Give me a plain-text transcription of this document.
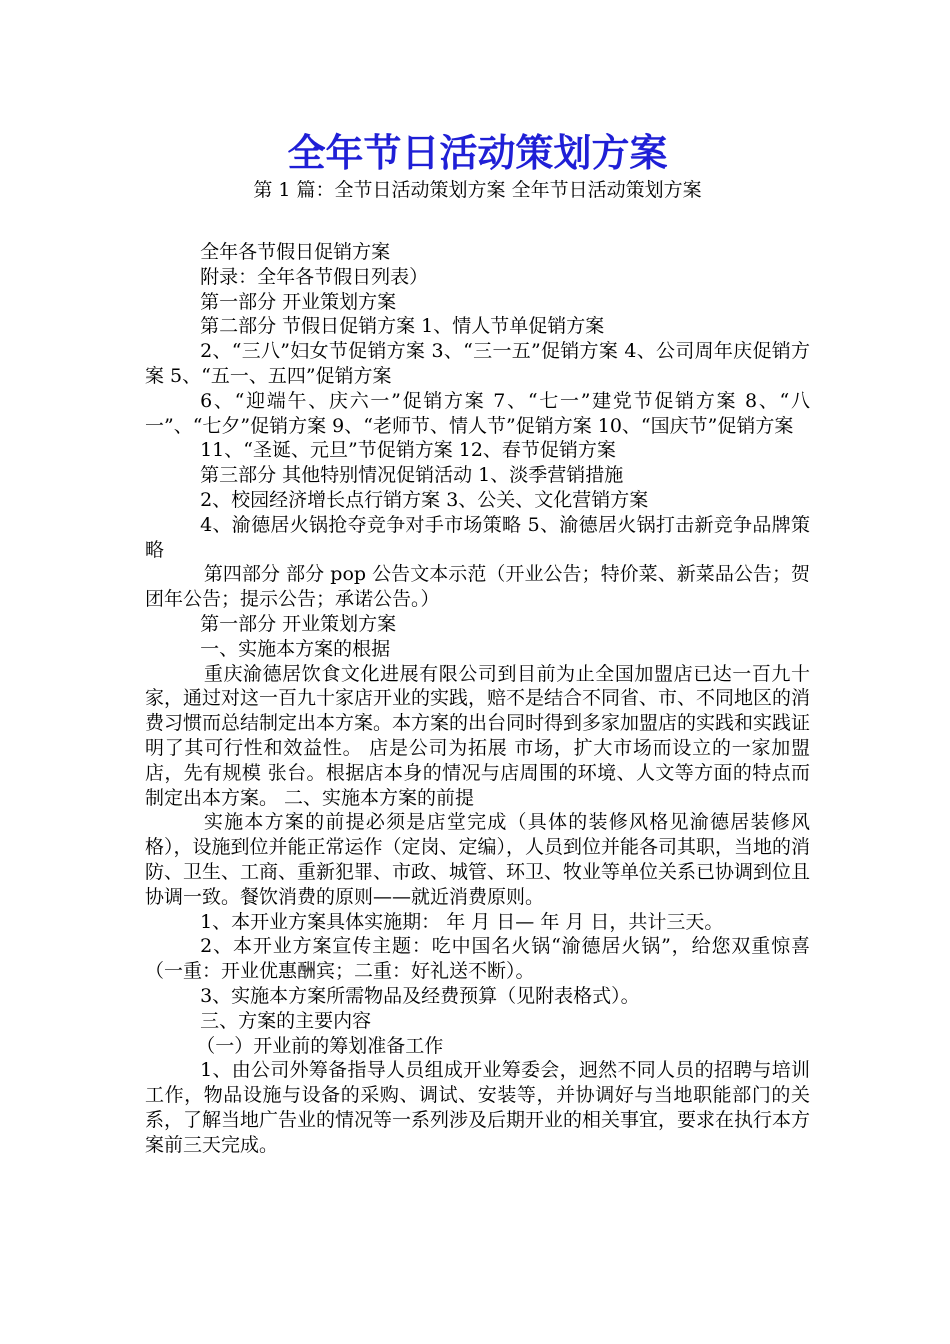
全年节日活动策划方案
第 1 篇：全节日活动策划方案 全年节日活动策划方案

全年各节假日促销方案

附录：全年各节假日列表）

第一部分 开业策划方案

第二部分 节假日促销方案 1、情人节单促销方案

2、“三八”妇女节促销方案 3、“三一五”促销方案 4、公司周年庆促销方案 5、“五一、五四”促销方案

6、“迎端午、庆六一”促销方案 7、“七一”建党节促销方案 8、“八一”、“七夕”促销方案 9、“老师节、情人节”促销方案 10、“国庆节”促销方案

11、“圣诞、元旦”节促销方案 12、春节促销方案

第三部分 其他特别情况促销活动 1、淡季营销措施

2、校园经济增长点行销方案 3、公关、文化营销方案

4、渝德居火锅抢夺竞争对手市场策略 5、渝德居火锅打击新竞争品牌策略

第四部分 部分 pop 公告文本示范（开业公告；特价菜、新菜品公告；贺团年公告；提示公告；承诺公告。）

第一部分 开业策划方案

一、实施本方案的根据

重庆渝德居饮食文化进展有限公司到目前为止全国加盟店已达一百九十家，通过对这一百九十家店开业的实践，赔不是结合不同省、市、不同地区的消费习惯而总结制定出本方案。本方案的出台同时得到多家加盟店的实践和实践证明了其可行性和效益性。 店是公司为拓展 市场，扩大市场而设立的一家加盟店，先有规模 张台。根据店本身的情况与店周围的环境、人文等方面的特点而制定出本方案。 二、实施本方案的前提

实施本方案的前提必须是店堂完成（具体的装修风格见渝德居装修风格），设施到位并能正常运作（定岗、定编），人员到位并能各司其职，当地的消防、卫生、工商、重新犯罪、市政、城管、环卫、牧业等单位关系已协调到位且协调一致。餐饮消费的原则——就近消费原则。

1、本开业方案具体实施期： 年 月 日— 年 月 日，共计三天。

2、本开业方案宣传主题：吃中国名火锅“渝德居火锅”，给您双重惊喜（一重：开业优惠酬宾；二重：好礼送不断）。

3、实施本方案所需物品及经费预算（见附表格式）。

三、方案的主要内容

（一）开业前的筹划准备工作

1、由公司外筹备指导人员组成开业筹委会，迥然不同人员的招聘与培训工作，物品设施与设备的采购、调试、安装等，并协调好与当地职能部门的关系，了解当地广告业的情况等一系列涉及后期开业的相关事宜，要求在执行本方案前三天完成。
